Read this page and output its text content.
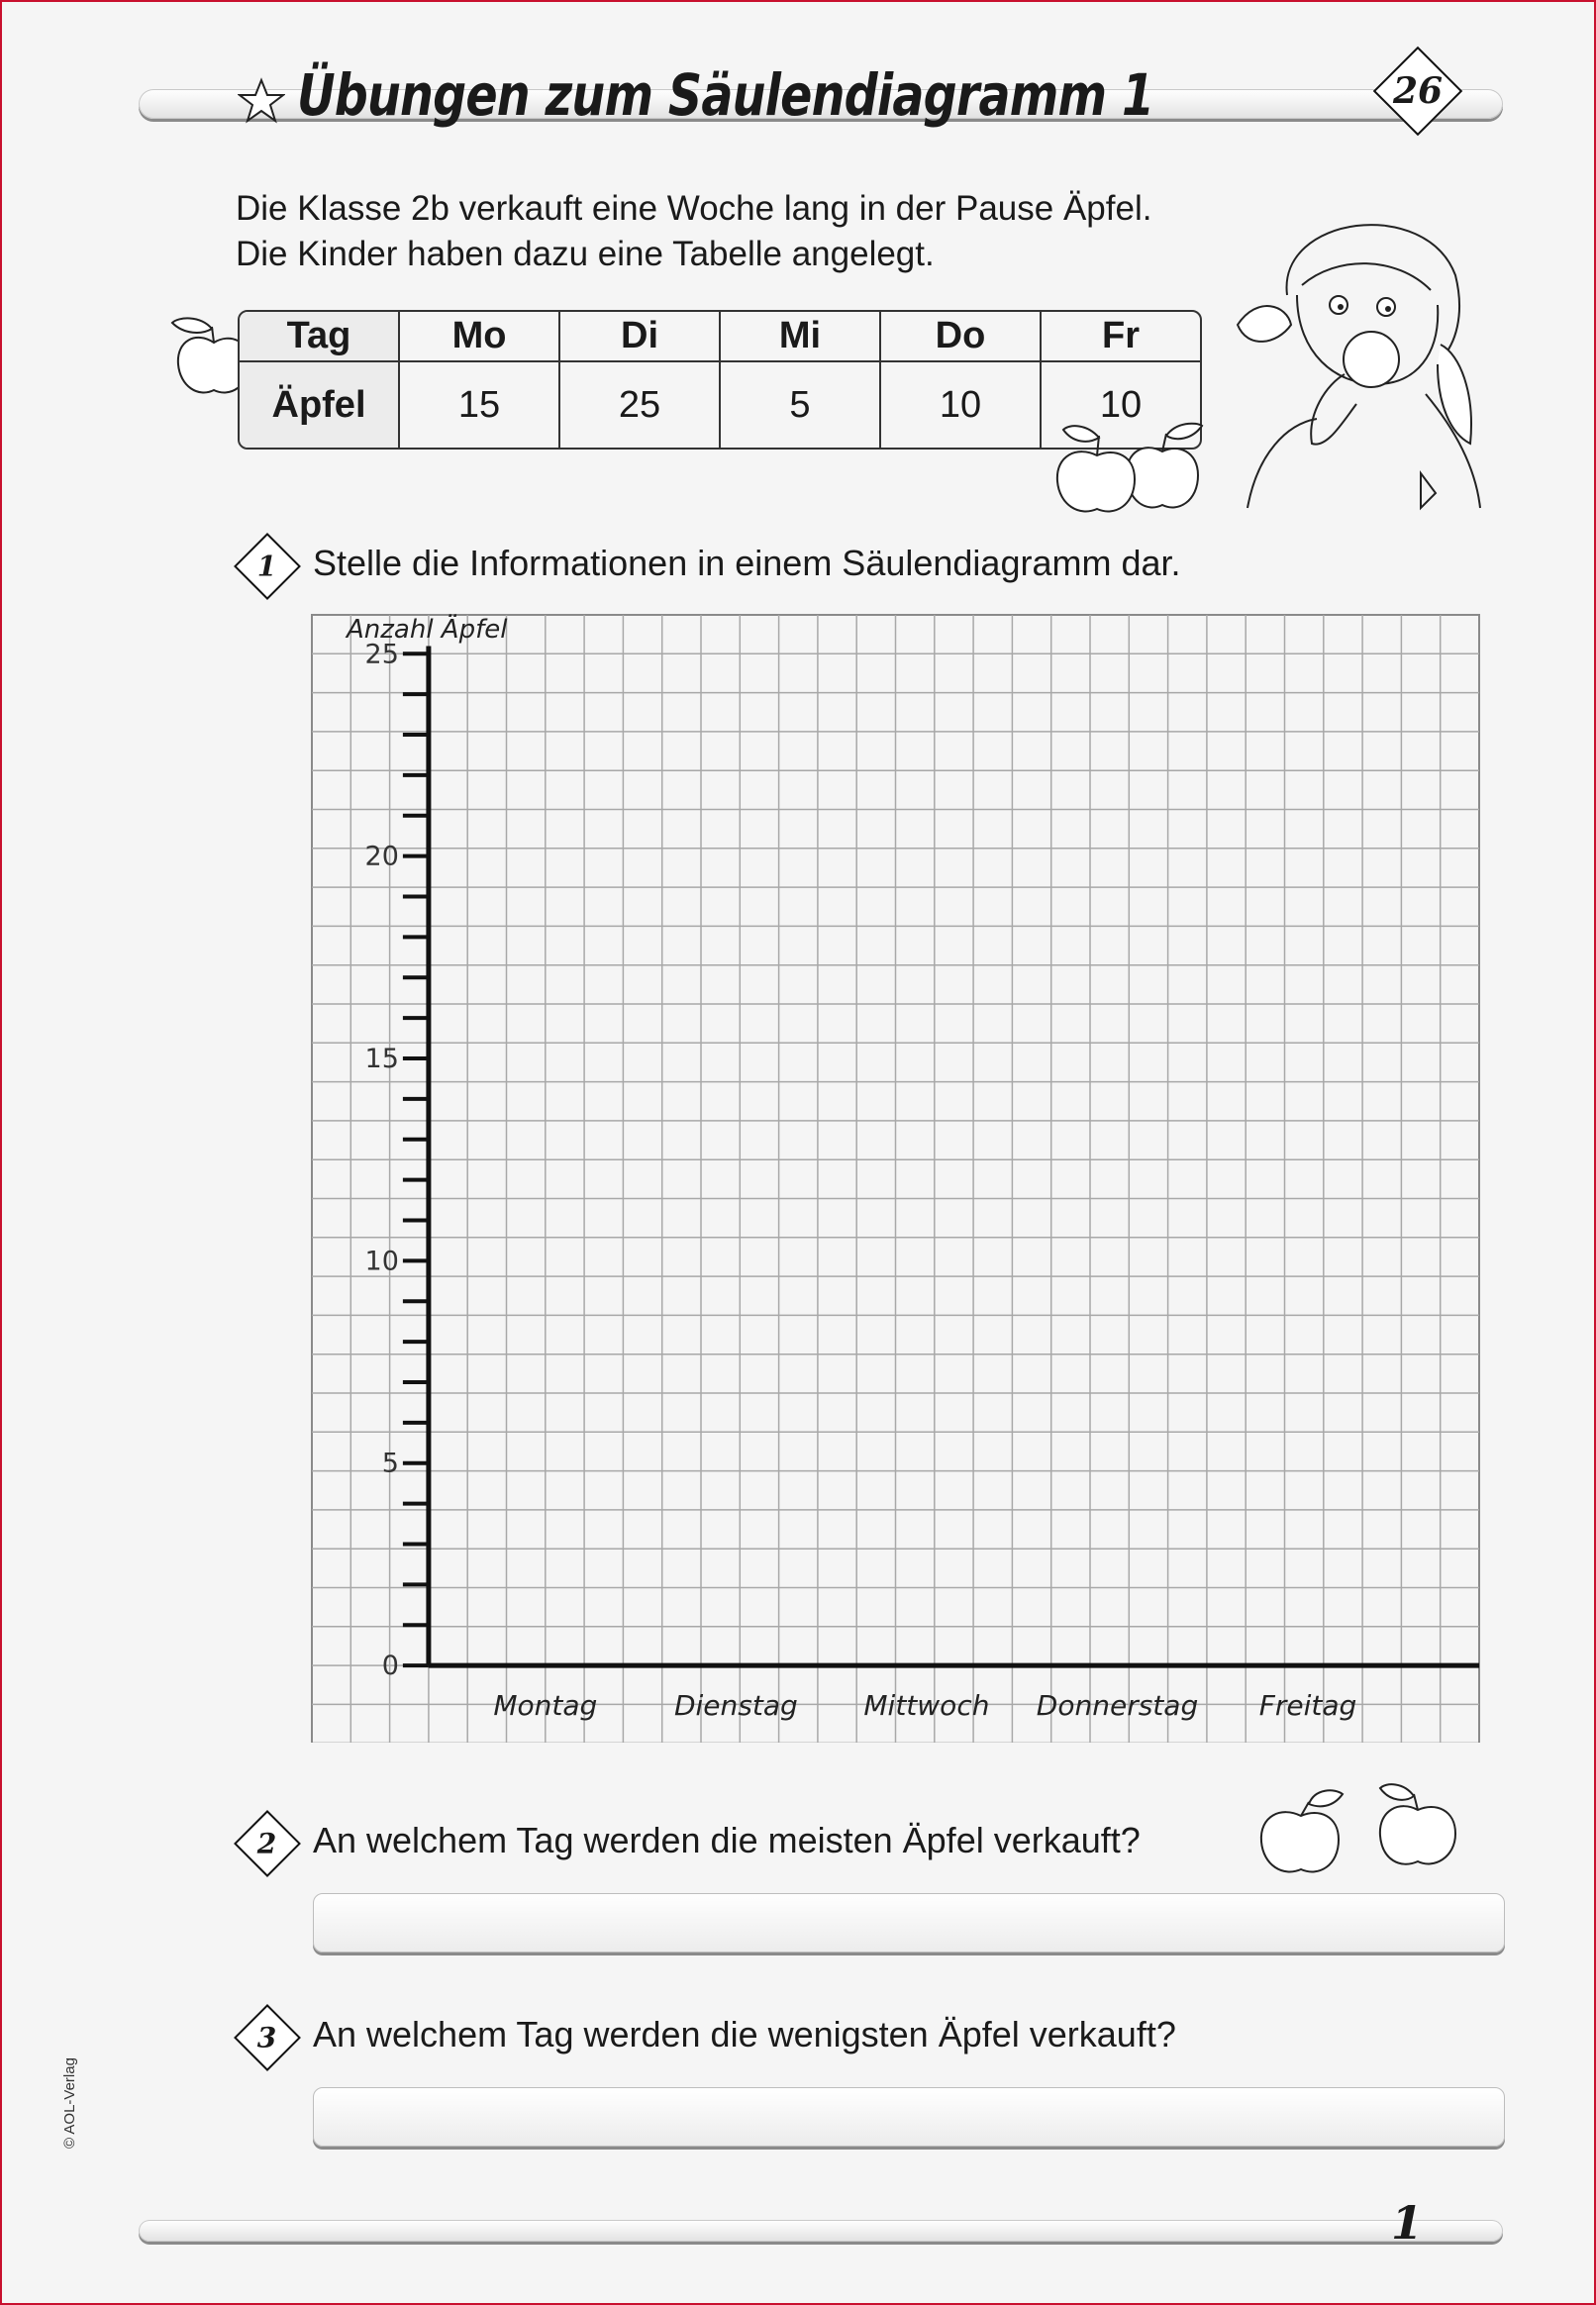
Übungen zum Säulendiagramm 1	26
Die Klasse 2b verkauft eine Woche lang in der Pause Äpfel.
Die Kinder haben dazu eine Tabelle angelegt.
Tag	Mo	Di	Mi	Do	Fr
Äpfel	15	25	5	10	10
1 Stelle die Informationen in einem Säulendiagramm dar.
Anzahl Äpfel
0
5
10
15
20
25
Montag	Dienstag Mittwoch Donnerstag Freitag
2 An welchem Tag werden die meisten Äpfel verkauft?
3 An welchem Tag werden die wenigsten Äpfel verkauft?
© AOL-Verlag
1
